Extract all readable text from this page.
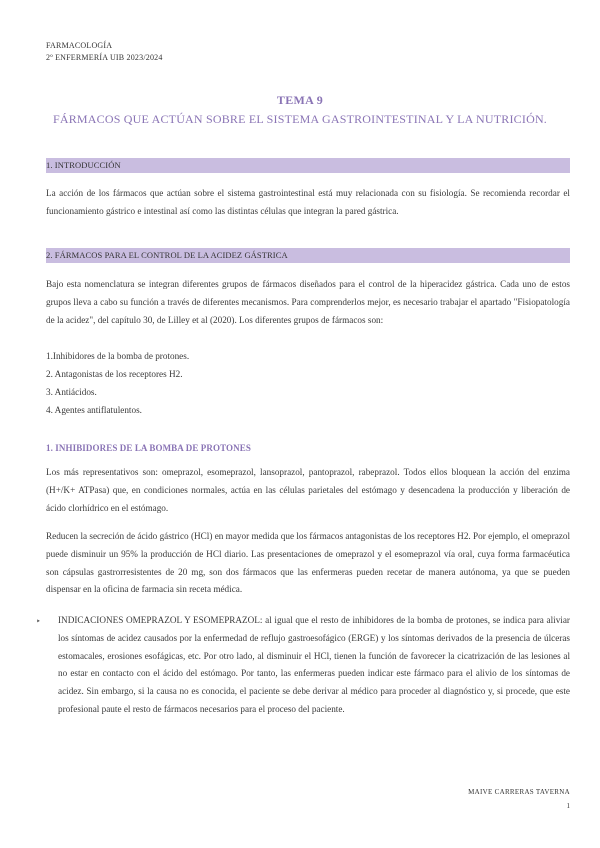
FARMACOLOGÍA
2º ENFERMERÍA UIB 2023/2024
TEMA 9
FÁRMACOS QUE ACTÚAN SOBRE EL SISTEMA GASTROINTESTINAL Y LA NUTRICIÓN.
1. INTRODUCCIÓN
La acción de los fármacos que actúan sobre el sistema gastrointestinal está muy relacionada con su fisiología. Se recomienda recordar el funcionamiento gástrico e intestinal así como las distintas células que integran la pared gástrica.
2. FÁRMACOS PARA EL CONTROL DE LA ACIDEZ GÁSTRICA
Bajo esta nomenclatura se integran diferentes grupos de fármacos diseñados para el control de la hiperacidez gástrica. Cada uno de estos grupos lleva a cabo su función a través de diferentes mecanismos. Para comprenderlos mejor, es necesario trabajar el apartado "Fisiopatología de la acidez", del capítulo 30, de Lilley et al (2020). Los diferentes grupos de fármacos son:
1.Inhibidores de la bomba de protones.
2. Antagonistas de los receptores H2.
3. Antiácidos.
4. Agentes antiflatulentos.
1. INHIBIDORES DE LA BOMBA DE PROTONES
Los más representativos son: omeprazol, esomeprazol, lansoprazol, pantoprazol, rabeprazol. Todos ellos bloquean la acción del enzima (H+/K+ ATPasa) que, en condiciones normales, actúa en las células parietales del estómago y desencadena la producción y liberación de ácido clorhídrico en el estómago.
Reducen la secreción de ácido gástrico (HCl) en mayor medida que los fármacos antagonistas de los receptores H2. Por ejemplo, el omeprazol puede disminuir un 95% la producción de HCl diario. Las presentaciones de omeprazol y el esomeprazol vía oral, cuya forma farmacéutica son cápsulas gastrorresistentes de 20 mg, son dos fármacos que las enfermeras pueden recetar de manera autónoma, ya que se pueden dispensar en la oficina de farmacia sin receta médica.
‣ INDICACIONES OMEPRAZOL Y ESOMEPRAZOL: al igual que el resto de inhibidores de la bomba de protones, se indica para aliviar los síntomas de acidez causados por la enfermedad de reflujo gastroesofágico (ERGE) y los síntomas derivados de la presencia de úlceras estomacales, erosiones esofágicas, etc. Por otro lado, al disminuir el HCl, tienen la función de favorecer la cicatrización de las lesiones al no estar en contacto con el ácido del estómago. Por tanto, las enfermeras pueden indicar este fármaco para el alivio de los síntomas de acidez. Sin embargo, si la causa no es conocida, el paciente se debe derivar al médico para proceder al diagnóstico y, si procede, que este profesional paute el resto de fármacos necesarios para el proceso del paciente.
MAIVE CARRERAS TAVERNA
1
